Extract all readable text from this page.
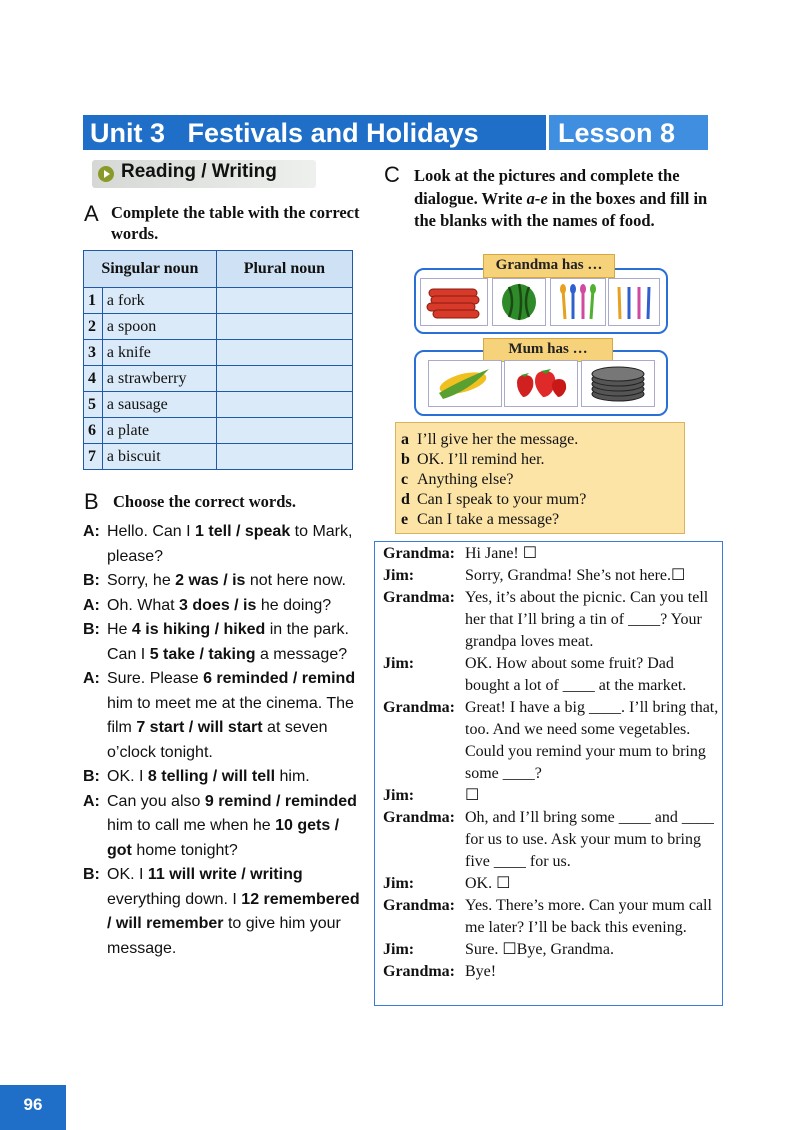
Unit 3   Festivals and Holidays	Lesson 8
Reading / Writing
A Complete the table with the correct words.
Singular noun		Plural noun
1	a fork	
2	a spoon	
3	a knife	
4	a strawberry	
5	a sausage	
6	a plate	
7	a biscuit	
B Choose the correct words.
A: Hello. Can I 1 tell / speak to Mark, please?
B: Sorry, he 2 was / is not here now.
A: Oh. What 3 does / is he doing?
B: He 4 is hiking / hiked in the park. Can I 5 take / taking a message?
A: Sure. Please 6 reminded / remind him to meet me at the cinema. The film 7 start / will start at seven o’clock tonight.
B: OK. I 8 telling / will tell him.
A: Can you also 9 remind / reminded him to call me when he 10 gets / got home tonight?
B: OK. I 11 will write / writing everything down. I 12 remembered / will remember to give him your message.
C Look at the pictures and complete the dialogue. Write a-e in the boxes and fill in the blanks with the names of food.
Grandma has …
Mum has …
a I’ll give her the message.
b OK. I’ll remind her.
c Anything else?
d Can I speak to your mum?
e Can I take a message?
Grandma: Hi Jane! ☐
Jim:	Sorry, Grandma! She’s not here.☐
Grandma: Yes, it’s about the picnic. Can you tell her that I’ll bring a tin of ____? Your grandpa loves meat.
Jim:	OK. How about some fruit? Dad bought a lot of ____ at the market.
Grandma: Great! I have a big ____. I’ll bring that, too. And we need some vegetables. Could you remind your mum to bring some ____?
Jim:	☐
Grandma: Oh, and I’ll bring some ____ and ____ for us to use. Ask your mum to bring five ____ for us.
Jim:	OK. ☐
Grandma: Yes. There’s more. Can your mum call me later? I’ll be back this evening.
Jim:	Sure. ☐Bye, Grandma.
Grandma: Bye!
96
